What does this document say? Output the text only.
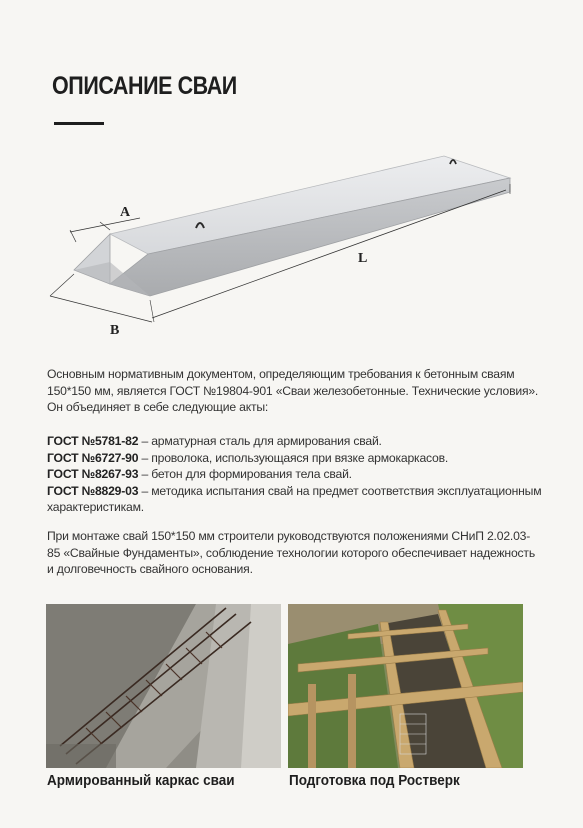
ОПИСАНИЕ СВАИ
A
L
B
Основным нормативным документом, определяющим требования к бетонным сваям 150*150 мм, является ГОСТ №19804-901 «Сваи железобетонные. Технические условия». Он объединяет в себе следующие акты:
ГОСТ №5781-82 – арматурная сталь для армирования свай.
ГОСТ №6727-90 – проволока, использующаяся при вязке армокаркасов.
ГОСТ №8267-93 – бетон для формирования тела свай.
ГОСТ №8829-03 – методика испытания свай на предмет соответствия эксплуатационным характеристикам.
При монтаже свай 150*150 мм строители руководствуются положениями СНиП 2.02.03-85 «Свайные Фундаменты», соблюдение технологии которого обеспечивает надежность и долговечность свайного основания.
Армированный каркас сваи	Подготовка под Ростверк
